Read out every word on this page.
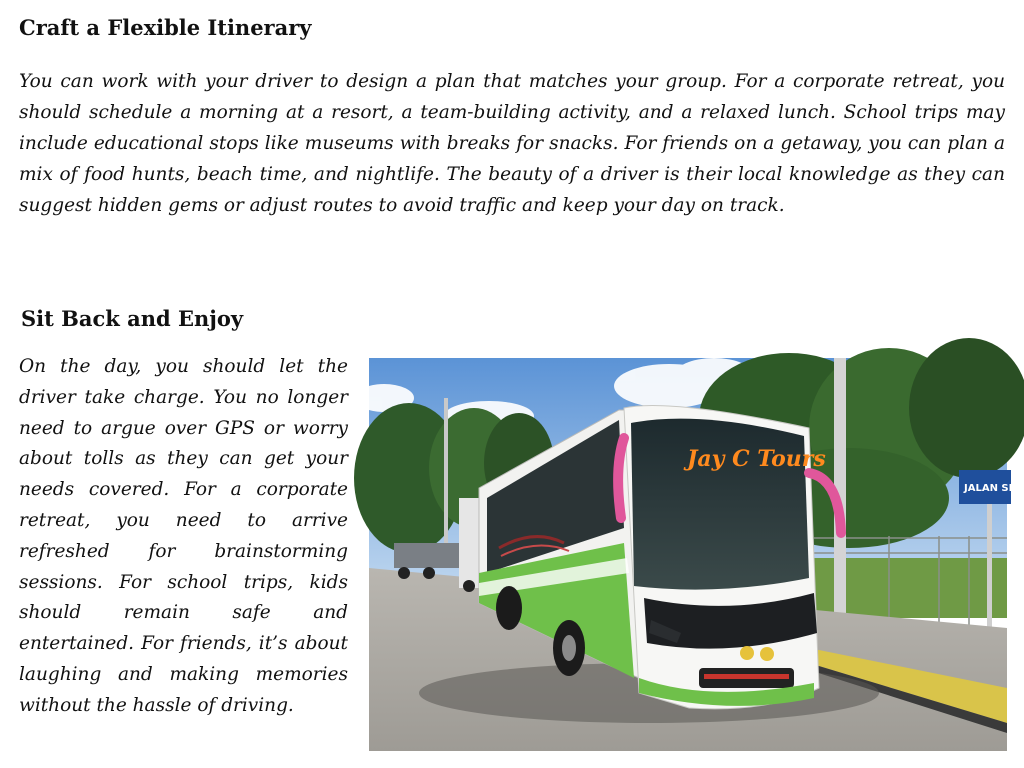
Craft a Flexible Itinerary

You can work with your driver to design a plan that matches your group. For a corporate retreat, you should schedule a morning at a resort, a team-building activity, and a relaxed lunch. School trips may include educational stops like museums with breaks for snacks. For friends on a getaway, you can plan a mix of food hunts, beach time, and nightlife. The beauty of a driver is their local knowledge as they can suggest hidden gems or adjust routes to avoid traffic and keep your day on track.

Sit Back and Enjoy

On the day, you should let the driver take charge. You no longer need to argue over GPS or worry about tolls as they can get your needs covered. For a corporate retreat, you need to arrive refreshed for brainstorming sessions. For school trips, kids should remain safe and entertained. For friends, it’s about laughing and making memories without the hassle of driving.

JALAN SEH
Jay C Tours
